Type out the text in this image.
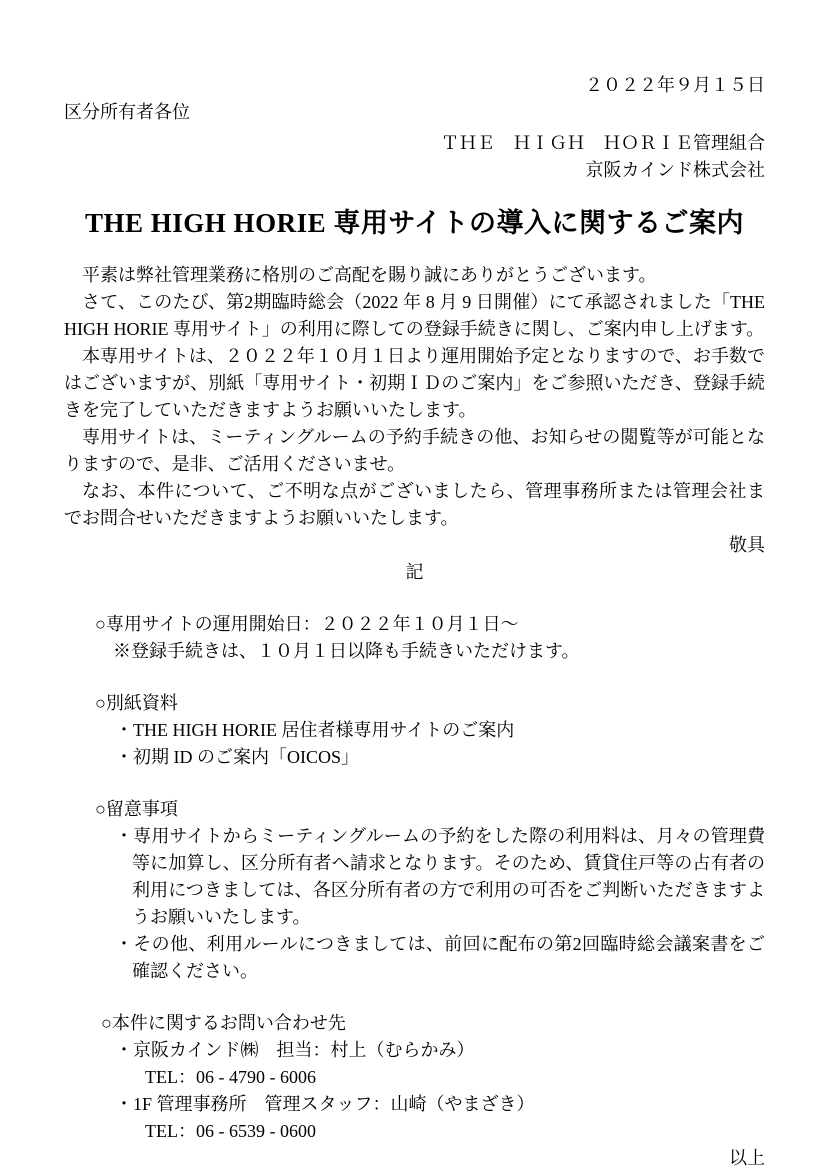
２０２２年９月１５日
区分所有者各位
ＴＨＥ　ＨＩＧＨ　ＨＯＲＩＥ管理組合
京阪カインド株式会社
THE HIGH HORIE 専用サイトの導入に関するご案内

平素は弊社管理業務に格別のご高配を賜り誠にありがとうございます。

さて、このたび、第2期臨時総会（2022 年 8 月 9 日開催）にて承認されました「THE HIGH HORIE 専用サイト」の利用に際しての登録手続きに関し、ご案内申し上げます。

本専用サイトは、２０２２年１０月１日より運用開始予定となりますので、お手数ではございますが、別紙「専用サイト・初期ＩＤのご案内」をご参照いただき、登録手続きを完了していただきますようお願いいたします。

専用サイトは、ミーティングルームの予約手続きの他、お知らせの閲覧等が可能となりますので、是非、ご活用くださいませ。

なお、本件について、ご不明な点がございましたら、管理事務所または管理会社までお問合せいただきますようお願いいたします。

敬具
記
○専用サイトの運用開始日：２０２２年１０月１日～
※登録手続きは、１０月１日以降も手続きいただけます。
○別紙資料
・THE HIGH HORIE 居住者様専用サイトのご案内
・初期 ID のご案内「OICOS」
○留意事項
・専用サイトからミーティングルームの予約をした際の利用料は、月々の管理費等に加算し、区分所有者へ請求となります。そのため、賃貸住戸等の占有者の利用につきましては、各区分所有者の方で利用の可否をご判断いただきますようお願いいたします。
・その他、利用ルールにつきましては、前回に配布の第2回臨時総会議案書をご確認ください。
○本件に関するお問い合わせ先
・京阪カインド㈱　担当：村上（むらかみ）
TEL：06 - 4790 - 6006
・1F 管理事務所　管理スタッフ：山崎（やまざき）
TEL：06 - 6539 - 0600
以上
